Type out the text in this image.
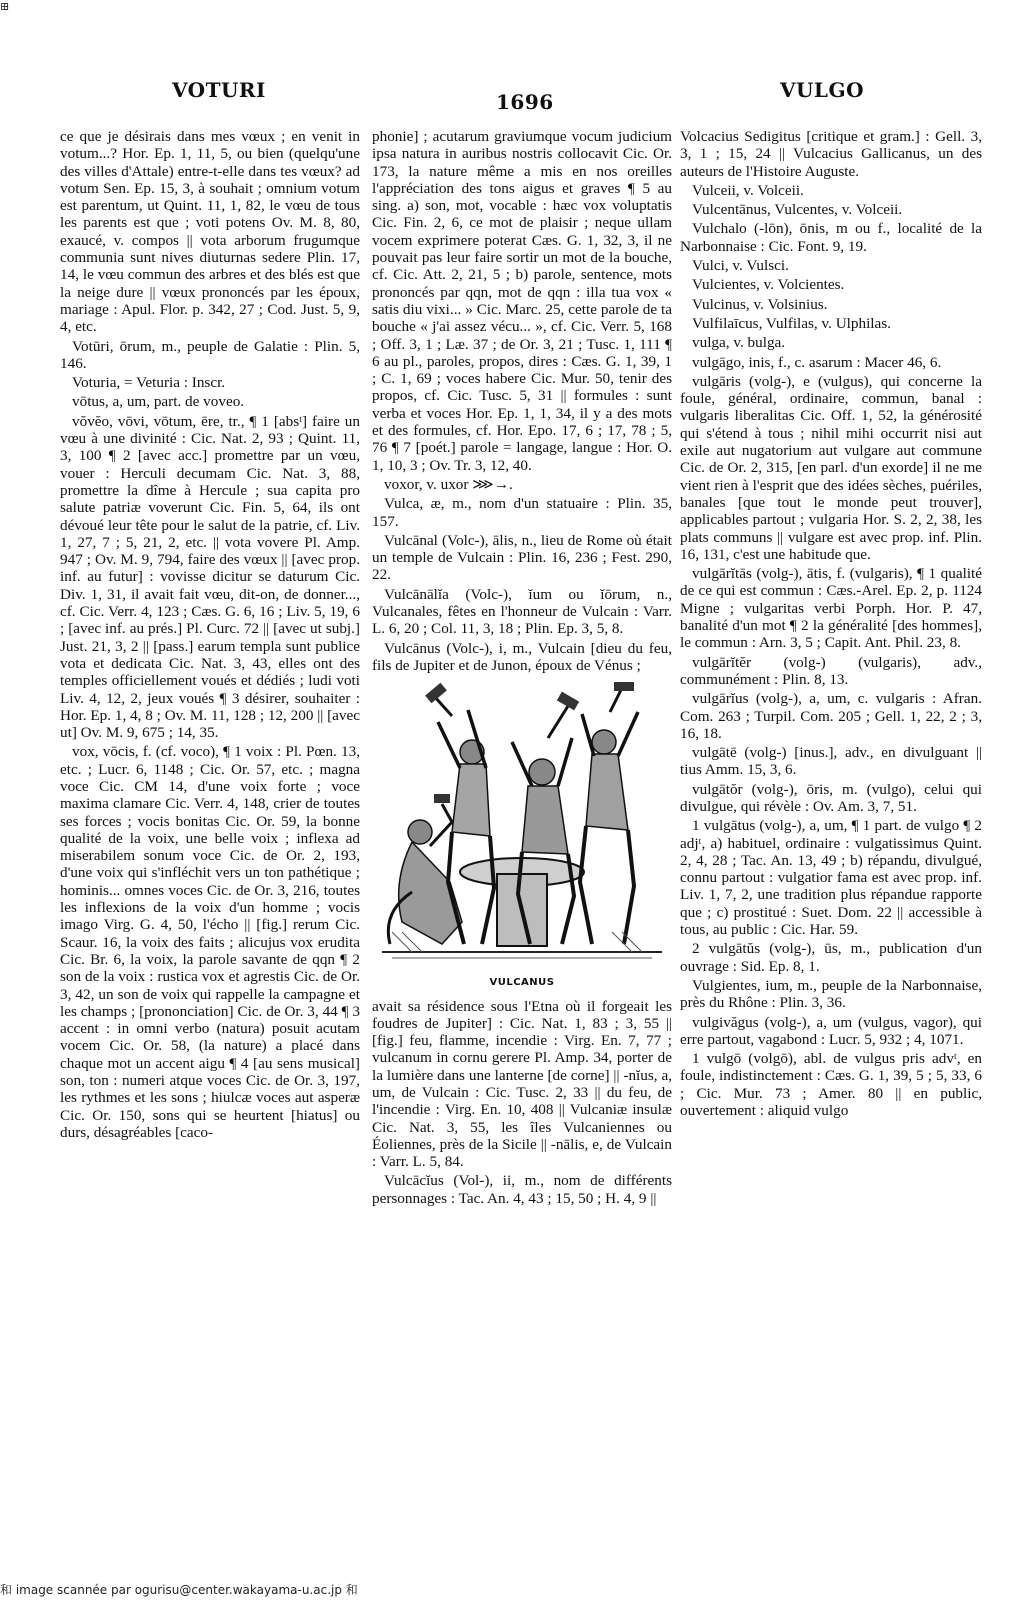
⊞
VOTURI	1696	VULGO

ce que je désirais dans mes vœux ; en venit in votum...? Hor. Ep. 1, 11, 5, ou bien (quelqu'une des villes d'Attale) entre-t-elle dans tes vœux? ad votum Sen. Ep. 15, 3, à souhait ; omnium votum est parentum, ut Quint. 11, 1, 82, le vœu de tous les parents est que ; voti potens Ov. M. 8, 80, exaucé, v. compos || vota arborum frugumque communia sunt nives diuturnas sedere Plin. 17, 14, le vœu commun des arbres et des blés est que la neige dure || vœux prononcés par les époux, mariage : Apul. Flor. p. 342, 27 ; Cod. Just. 5, 9, 4, etc.

Votūri, ōrum, m., peuple de Galatie : Plin. 5, 146.

Voturia, = Veturia : Inscr.

vōtus, a, um, part. de voveo.

vŏvĕo, vōvi, vōtum, ēre, tr., ¶ 1 [absᵗ] faire un vœu à une divinité : Cic. Nat. 2, 93 ; Quint. 11, 3, 100 ¶ 2 [avec acc.] promettre par un vœu, vouer : Herculi decumam Cic. Nat. 3, 88, promettre la dîme à Hercule ; sua capita pro salute patriæ voverunt Cic. Fin. 5, 64, ils ont dévoué leur tête pour le salut de la patrie, cf. Liv. 1, 27, 7 ; 5, 21, 2, etc. || vota vovere Pl. Amp. 947 ; Ov. M. 9, 794, faire des vœux || [avec prop. inf. au futur] : vovisse dicitur se daturum Cic. Div. 1, 31, il avait fait vœu, dit-on, de donner..., cf. Cic. Verr. 4, 123 ; Cæs. G. 6, 16 ; Liv. 5, 19, 6 ; [avec inf. au prés.] Pl. Curc. 72 || [avec ut subj.] Just. 21, 3, 2 || [pass.] earum templa sunt publice vota et dedicata Cic. Nat. 3, 43, elles ont des temples officiellement voués et dédiés ; ludi voti Liv. 4, 12, 2, jeux voués ¶ 3 désirer, souhaiter : Hor. Ep. 1, 4, 8 ; Ov. M. 11, 128 ; 12, 200 || [avec ut] Ov. M. 9, 675 ; 14, 35.

vox, vōcis, f. (cf. voco), ¶ 1 voix : Pl. Pœn. 13, etc. ; Lucr. 6, 1148 ; Cic. Or. 57, etc. ; magna voce Cic. CM 14, d'une voix forte ; voce maxima clamare Cic. Verr. 4, 148, crier de toutes ses forces ; vocis bonitas Cic. Or. 59, la bonne qualité de la voix, une belle voix ; inflexa ad miserabilem sonum voce Cic. de Or. 2, 193, d'une voix qui s'infléchit vers un ton pathétique ; hominis... omnes voces Cic. de Or. 3, 216, toutes les inflexions de la voix d'un homme ; vocis imago Virg. G. 4, 50, l'écho || [fig.] rerum Cic. Scaur. 16, la voix des faits ; alicujus vox erudita Cic. Br. 6, la voix, la parole savante de qqn ¶ 2 son de la voix : rustica vox et agrestis Cic. de Or. 3, 42, un son de voix qui rappelle la campagne et les champs ; [prononciation] Cic. de Or. 3, 44 ¶ 3 accent : in omni verbo (natura) posuit acutam vocem Cic. Or. 58, (la nature) a placé dans chaque mot un accent aigu ¶ 4 [au sens musical] son, ton : numeri atque voces Cic. de Or. 3, 197, les rythmes et les sons ; hiulcæ voces aut asperæ Cic. Or. 150, sons qui se heurtent [hiatus] ou durs, désagréables [caco-

phonie] ; acutarum graviumque vocum judicium ipsa natura in auribus nostris collocavit Cic. Or. 173, la nature même a mis en nos oreilles l'appréciation des tons aigus et graves ¶ 5 au sing. a) son, mot, vocable : hæc vox voluptatis Cic. Fin. 2, 6, ce mot de plaisir ; neque ullam vocem exprimere poterat Cæs. G. 1, 32, 3, il ne pouvait pas leur faire sortir un mot de la bouche, cf. Cic. Att. 2, 21, 5 ; b) parole, sentence, mots prononcés par qqn, mot de qqn : illa tua vox « satis diu vixi... » Cic. Marc. 25, cette parole de ta bouche « j'ai assez vécu... », cf. Cic. Verr. 5, 168 ; Off. 3, 1 ; Læ. 37 ; de Or. 3, 21 ; Tusc. 1, 111 ¶ 6 au pl., paroles, propos, dires : Cæs. G. 1, 39, 1 ; C. 1, 69 ; voces habere Cic. Mur. 50, tenir des propos, cf. Cic. Tusc. 5, 31 || formules : sunt verba et voces Hor. Ep. 1, 1, 34, il y a des mots et des formules, cf. Hor. Epo. 17, 6 ; 17, 78 ; 5, 76 ¶ 7 [poét.] parole = langage, langue : Hor. O. 1, 10, 3 ; Ov. Tr. 3, 12, 40.

voxor, v. uxor ⋙→.

Vulca, æ, m., nom d'un statuaire : Plin. 35, 157.

Vulcānal (Volc-), ālis, n., lieu de Rome où était un temple de Vulcain : Plin. 16, 236 ; Fest. 290, 22.

Vulcānālĭa (Volc-), ĭum ou ĭōrum, n., Vulcanales, fêtes en l'honneur de Vulcain : Varr. L. 6, 20 ; Col. 11, 3, 18 ; Plin. Ep. 3, 5, 8.

Vulcānus (Volc-), i, m., Vulcain [dieu du feu, fils de Jupiter et de Junon, époux de Vénus ;

VULCANUS

avait sa résidence sous l'Etna où il forgeait les foudres de Jupiter] : Cic. Nat. 1, 83 ; 3, 55 || [fig.] feu, flamme, incendie : Virg. En. 7, 77 ; vulcanum in cornu gerere Pl. Amp. 34, porter de la lumière dans une lanterne [de corne] || -nĭus, a, um, de Vulcain : Cic. Tusc. 2, 33 || du feu, de l'incendie : Virg. En. 10, 408 || Vulcaniæ insulæ Cic. Nat. 3, 55, les îles Vulcaniennes ou Éoliennes, près de la Sicile || -nālis, e, de Vulcain : Varr. L. 5, 84.

Vulcācĭus (Vol-), ii, m., nom de différents personnages : Tac. An. 4, 43 ; 15, 50 ; H. 4, 9 ||

Volcacius Sedigitus [critique et gram.] : Gell. 3, 3, 1 ; 15, 24 || Vulcacius Gallicanus, un des auteurs de l'Histoire Auguste.

Vulceii, v. Volceii.

Vulcentānus, Vulcentes, v. Volceii.

Vulchalo (-lōn), ōnis, m ou f., localité de la Narbonnaise : Cic. Font. 9, 19.

Vulci, v. Vulsci.

Vulcientes, v. Volcientes.

Vulcinus, v. Volsinius.

Vulfilaīcus, Vulfilas, v. Ulphilas.

vulga, v. bulga.

vulgāgo, inis, f., c. asarum : Macer 46, 6.

vulgāris (volg-), e (vulgus), qui concerne la foule, général, ordinaire, commun, banal : vulgaris liberalitas Cic. Off. 1, 52, la générosité qui s'étend à tous ; nihil mihi occurrit nisi aut exile aut nugatorium aut vulgare aut commune Cic. de Or. 2, 315, [en parl. d'un exorde] il ne me vient rien à l'esprit que des idées sèches, puériles, banales [que tout le monde peut trouver], applicables partout ; vulgaria Hor. S. 2, 2, 38, les plats communs || vulgare est avec prop. inf. Plin. 16, 131, c'est une habitude que.

vulgārĭtās (volg-), ātis, f. (vulgaris), ¶ 1 qualité de ce qui est commun : Cæs.-Arel. Ep. 2, p. 1124 Migne ; vulgaritas verbi Porph. Hor. P. 47, banalité d'un mot ¶ 2 la généralité [des hommes], le commun : Arn. 3, 5 ; Capit. Ant. Phil. 23, 8.

vulgārĭtĕr (volg-) (vulgaris), adv., communément : Plin. 8, 13.

vulgārĭus (volg-), a, um, c. vulgaris : Afran. Com. 263 ; Turpil. Com. 205 ; Gell. 1, 22, 2 ; 3, 16, 18.

vulgātē (volg-) [inus.], adv., en divulguant || tius Amm. 15, 3, 6.

vulgātŏr (volg-), ōris, m. (vulgo), celui qui divulgue, qui révèle : Ov. Am. 3, 7, 51.

1 vulgātus (volg-), a, um, ¶ 1 part. de vulgo ¶ 2 adjᵗ, a) habituel, ordinaire : vulgatissimus Quint. 2, 4, 28 ; Tac. An. 13, 49 ; b) répandu, divulgué, connu partout : vulgatior fama est avec prop. inf. Liv. 1, 7, 2, une tradition plus répandue rapporte que ; c) prostitué : Suet. Dom. 22 || accessible à tous, au public : Cic. Har. 59.

2 vulgātŭs (volg-), ūs, m., publication d'un ouvrage : Sid. Ep. 8, 1.

Vulgientes, ium, m., peuple de la Narbonnaise, près du Rhône : Plin. 3, 36.

vulgivăgus (volg-), a, um (vulgus, vagor), qui erre partout, vagabond : Lucr. 5, 932 ; 4, 1071.

1 vulgō (volgō), abl. de vulgus pris advᵗ, en foule, indistinctement : Cæs. G. 1, 39, 5 ; 5, 33, 6 ; Cic. Mur. 73 ; Amer. 80 || en public, ouvertement : aliquid vulgo

和 image scannée par ogurisu@center.wakayama-u.ac.jp 和
